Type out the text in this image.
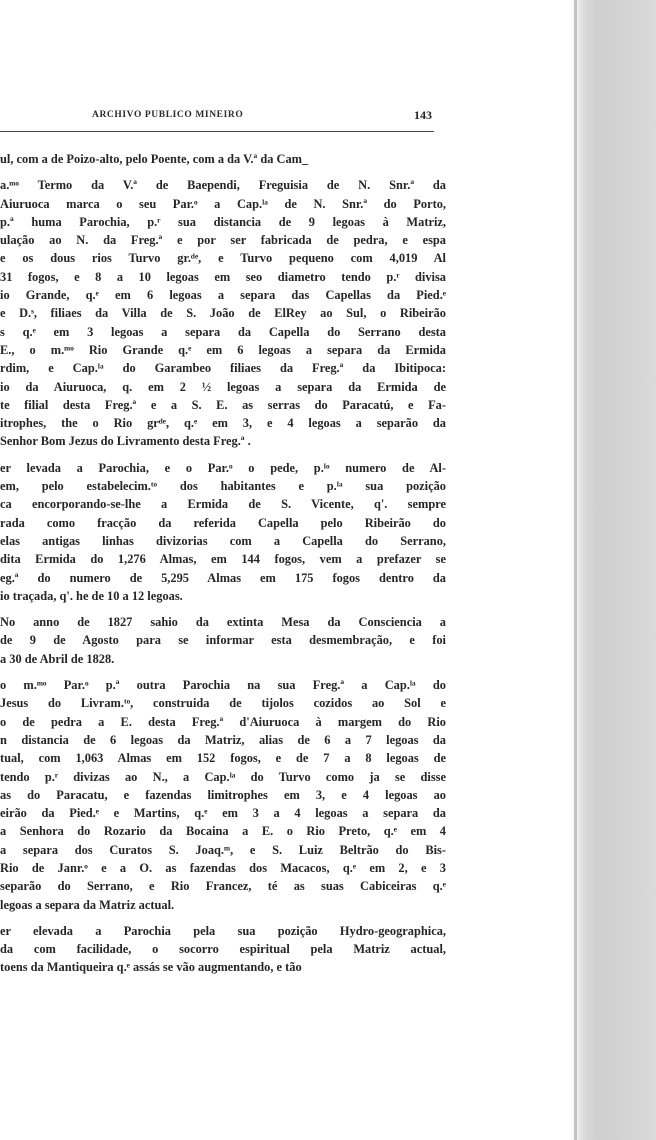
ARCHIVO PUBLICO MINEIRO	143
ul, com a de Poizo-alto, pelo Poente, com a da V.ª da Cam_
a.ᵐᵒ Termo da V.ª de Baependi, Freguisia de N. Snr.ª da
Aiuruoca marca o seu Par.ᵒ a Cap.ˡᵃ de N. Snr.ª do Porto,
p.ª huma Parochia, p.ʳ sua distancia de 9 legoas à Matriz,
ulação ao N. da Freg.ª e por ser fabricada de pedra, e espa
e os dous rios Turvo gr.ᵈᵉ, e Turvo pequeno com 4,019 Al
31 fogos, e 8 a 10 legoas em seo diametro tendo p.ʳ divisa
io Grande, q.ᵉ em 6 legoas a separa das Capellas da Pied.ᵉ
e D.ˢ, filiaes da Villa de S. João de ElRey ao Sul, o Ribeirão
s q.ᵉ em 3 legoas a separa da Capella do Serrano desta
E., o m.ᵐᵒ Rio Grande q.ᵉ em 6 legoas a separa da Ermida
rdim, e Cap.ˡᵃ do Garambeo filiaes da Freg.ª da Ibitipoca:
io da Aiuruoca, q. em 2 ½ legoas a separa da Ermida de
te filial desta Freg.ª e a S. E. as serras do Paracatú, e Fa-
itrophes, the o Rio grᵈᵉ, q.ᵉ em 3, e 4 legoas a separão da
Senhor Bom Jezus do Livramento desta Freg.ª .
er levada a Parochia, e o Par.ᵒ o pede, p.ˡᵒ numero de Al-
em, pelo estabelecim.ᵗᵒ dos habitantes e p.ˡᵃ sua pozição
ca encorporando-se-lhe a Ermida de S. Vicente, q'. sempre
rada como fracção da referida Capella pelo Ribeirão do
elas antigas linhas divizorias com a Capella do Serrano,
dita Ermida do 1,276 Almas, em 144 fogos, vem a prefazer se
eg.ª do numero de 5,295 Almas em 175 fogos dentro da
io traçada, q'. he de 10 a 12 legoas.
No anno de 1827 sahio da extinta Mesa da Consciencia a
de 9 de Agosto para se informar esta desmembração, e foi
a 30 de Abril de 1828.
o m.ᵐᵒ Par.ᵒ p.ª outra Parochia na sua Freg.ª a Cap.ˡᵃ do
Jesus do Livram.ᵗᵒ, construida de tijolos cozidos ao Sol e
o de pedra a E. desta Freg.ª d'Aiuruoca à margem do Rio
n distancia de 6 legoas da Matriz, alias de 6 a 7 legoas da
tual, com 1,063 Almas em 152 fogos, e de 7 a 8 legoas de
tendo p.ʳ divizas ao N., a Cap.ˡᵃ do Turvo como ja se disse
as do Paracatu, e fazendas limitrophes em 3, e 4 legoas ao
eirão da Pied.ᵉ e Martins, q.ᵉ em 3 a 4 legoas a separa da
a Senhora do Rozario da Bocaina a E. o Rio Preto, q.ᵉ em 4
a separa dos Curatos S. Joaq.ᵐ, e S. Luiz Beltrão do Bis-
Rio de Janr.ᵒ e a O. as fazendas dos Macacos, q.ᵉ em 2, e 3
separão do Serrano, e Rio Francez, té as suas Cabiceiras q.ᵉ
legoas a separa da Matriz actual.
er elevada a Parochia pela sua pozição Hydro-geographica,
da com facilidade, o socorro espiritual pela Matriz actual,
toens da Mantiqueira q.ᵉ assás se vão augmentando, e tão
